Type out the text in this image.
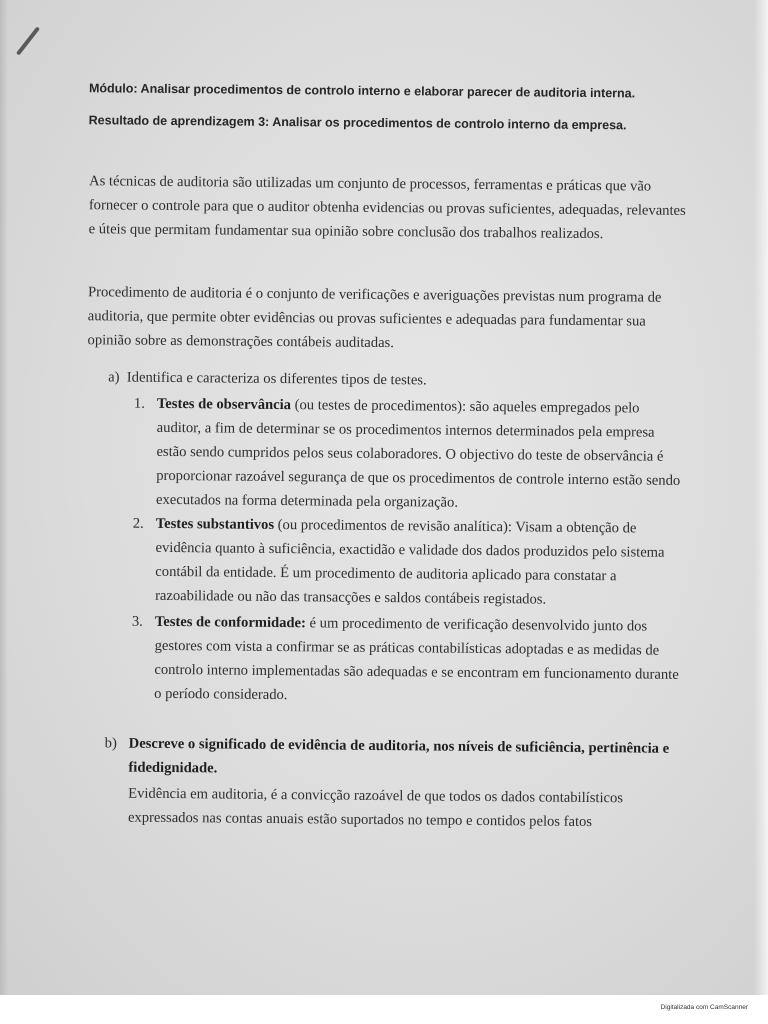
Módulo: Analisar procedimentos de controlo interno e elaborar parecer de auditoria interna.
Resultado de aprendizagem 3: Analisar os procedimentos de controlo interno da empresa.
As técnicas de auditoria são utilizadas um conjunto de processos, ferramentas e práticas que vão fornecer o controle para que o auditor obtenha evidencias ou provas suficientes, adequadas, relevantes e úteis que permitam fundamentar sua opinião sobre conclusão dos trabalhos realizados.
Procedimento de auditoria é o conjunto de verificações e averiguações previstas num programa de auditoria, que permite obter evidências ou provas suficientes e adequadas para fundamentar sua opinião sobre as demonstrações contábeis auditadas.
a) Identifica e caracteriza os diferentes tipos de testes.
1. Testes de observância (ou testes de procedimentos): são aqueles empregados pelo auditor, a fim de determinar se os procedimentos internos determinados pela empresa estão sendo cumpridos pelos seus colaboradores. O objectivo do teste de observância é proporcionar razoável segurança de que os procedimentos de controle interno estão sendo executados na forma determinada pela organização.
2. Testes substantivos (ou procedimentos de revisão analítica): Visam a obtenção de evidência quanto à suficiência, exactidão e validade dos dados produzidos pelo sistema contábil da entidade. É um procedimento de auditoria aplicado para constatar a razoabilidade ou não das transacções e saldos contábeis registados.
3. Testes de conformidade: é um procedimento de verificação desenvolvido junto dos gestores com vista a confirmar se as práticas contabilísticas adoptadas e as medidas de controlo interno implementadas são adequadas e se encontram em funcionamento durante o período considerado.
b) Descreve o significado de evidência de auditoria, nos níveis de suficiência, pertinência e fidedignidade.
Evidência em auditoria, é a convicção razoável de que todos os dados contabilísticos expressados nas contas anuais estão suportados no tempo e contidos pelos fatos
Digitalizada com CamScanner
